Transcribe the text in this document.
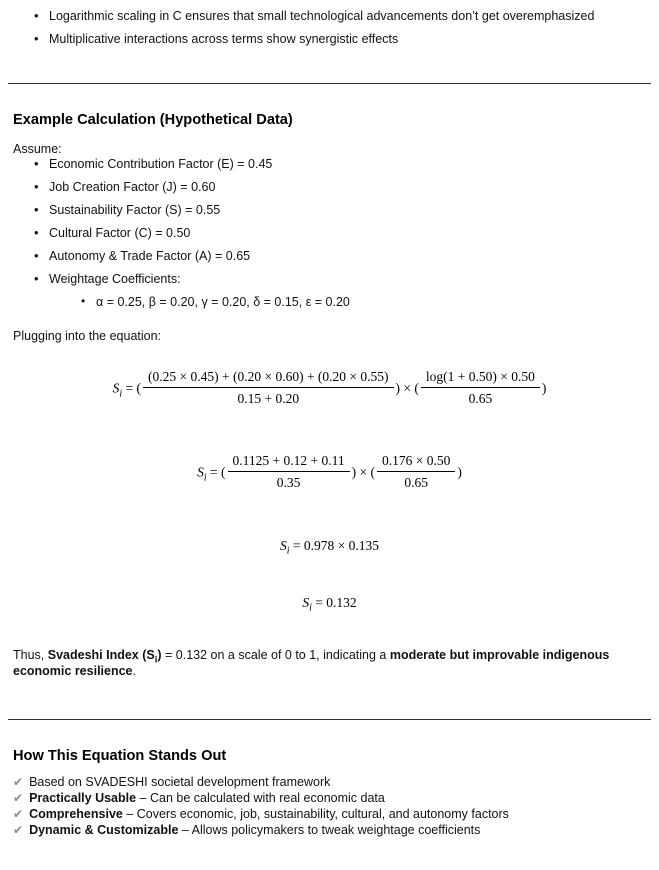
• Logarithmic scaling in C ensures that small technological advancements don’t get overemphasized
• Multiplicative interactions across terms show synergistic effects
Example Calculation (Hypothetical Data)

Assume:

• Economic Contribution Factor (E) = 0.45
• Job Creation Factor (J) = 0.60
• Sustainability Factor (S) = 0.55
• Cultural Factor (C) = 0.50
• Autonomy & Trade Factor (A) = 0.65
• Weightage Coefficients:
• α = 0.25, β = 0.20, γ = 0.20, δ = 0.15, ε = 0.20

Plugging into the equation:

$S_i$ = ( $\frac{(0.25 \times 0.45) + (0.20 \times 0.60) + (0.20 \times 0.55)}{0.15 + 0.20}$ ) × ( $\frac{\log(1 + 0.50) \times 0.50}{0.65}$ )
$S_i$ = ( $\frac{0.1125 + 0.12 + 0.11}{0.35}$ ) × ( $\frac{0.176 \times 0.50}{0.65}$ )
$S_i = 0.978 \times 0.135$
$S_i = 0.132$

Thus, Svadeshi Index $(S_i) = 0.132$ on a scale of 0 to 1, indicating a moderate but improvable indigenous economic resilience.

How This Equation Stands Out
✔ Based on SVADESHI societal development framework
✔ Practically Usable – Can be calculated with real economic data
✔ Comprehensive – Covers economic, job, sustainability, cultural, and autonomy factors
✔ Dynamic & Customizable – Allows policymakers to tweak weightage coefficients
